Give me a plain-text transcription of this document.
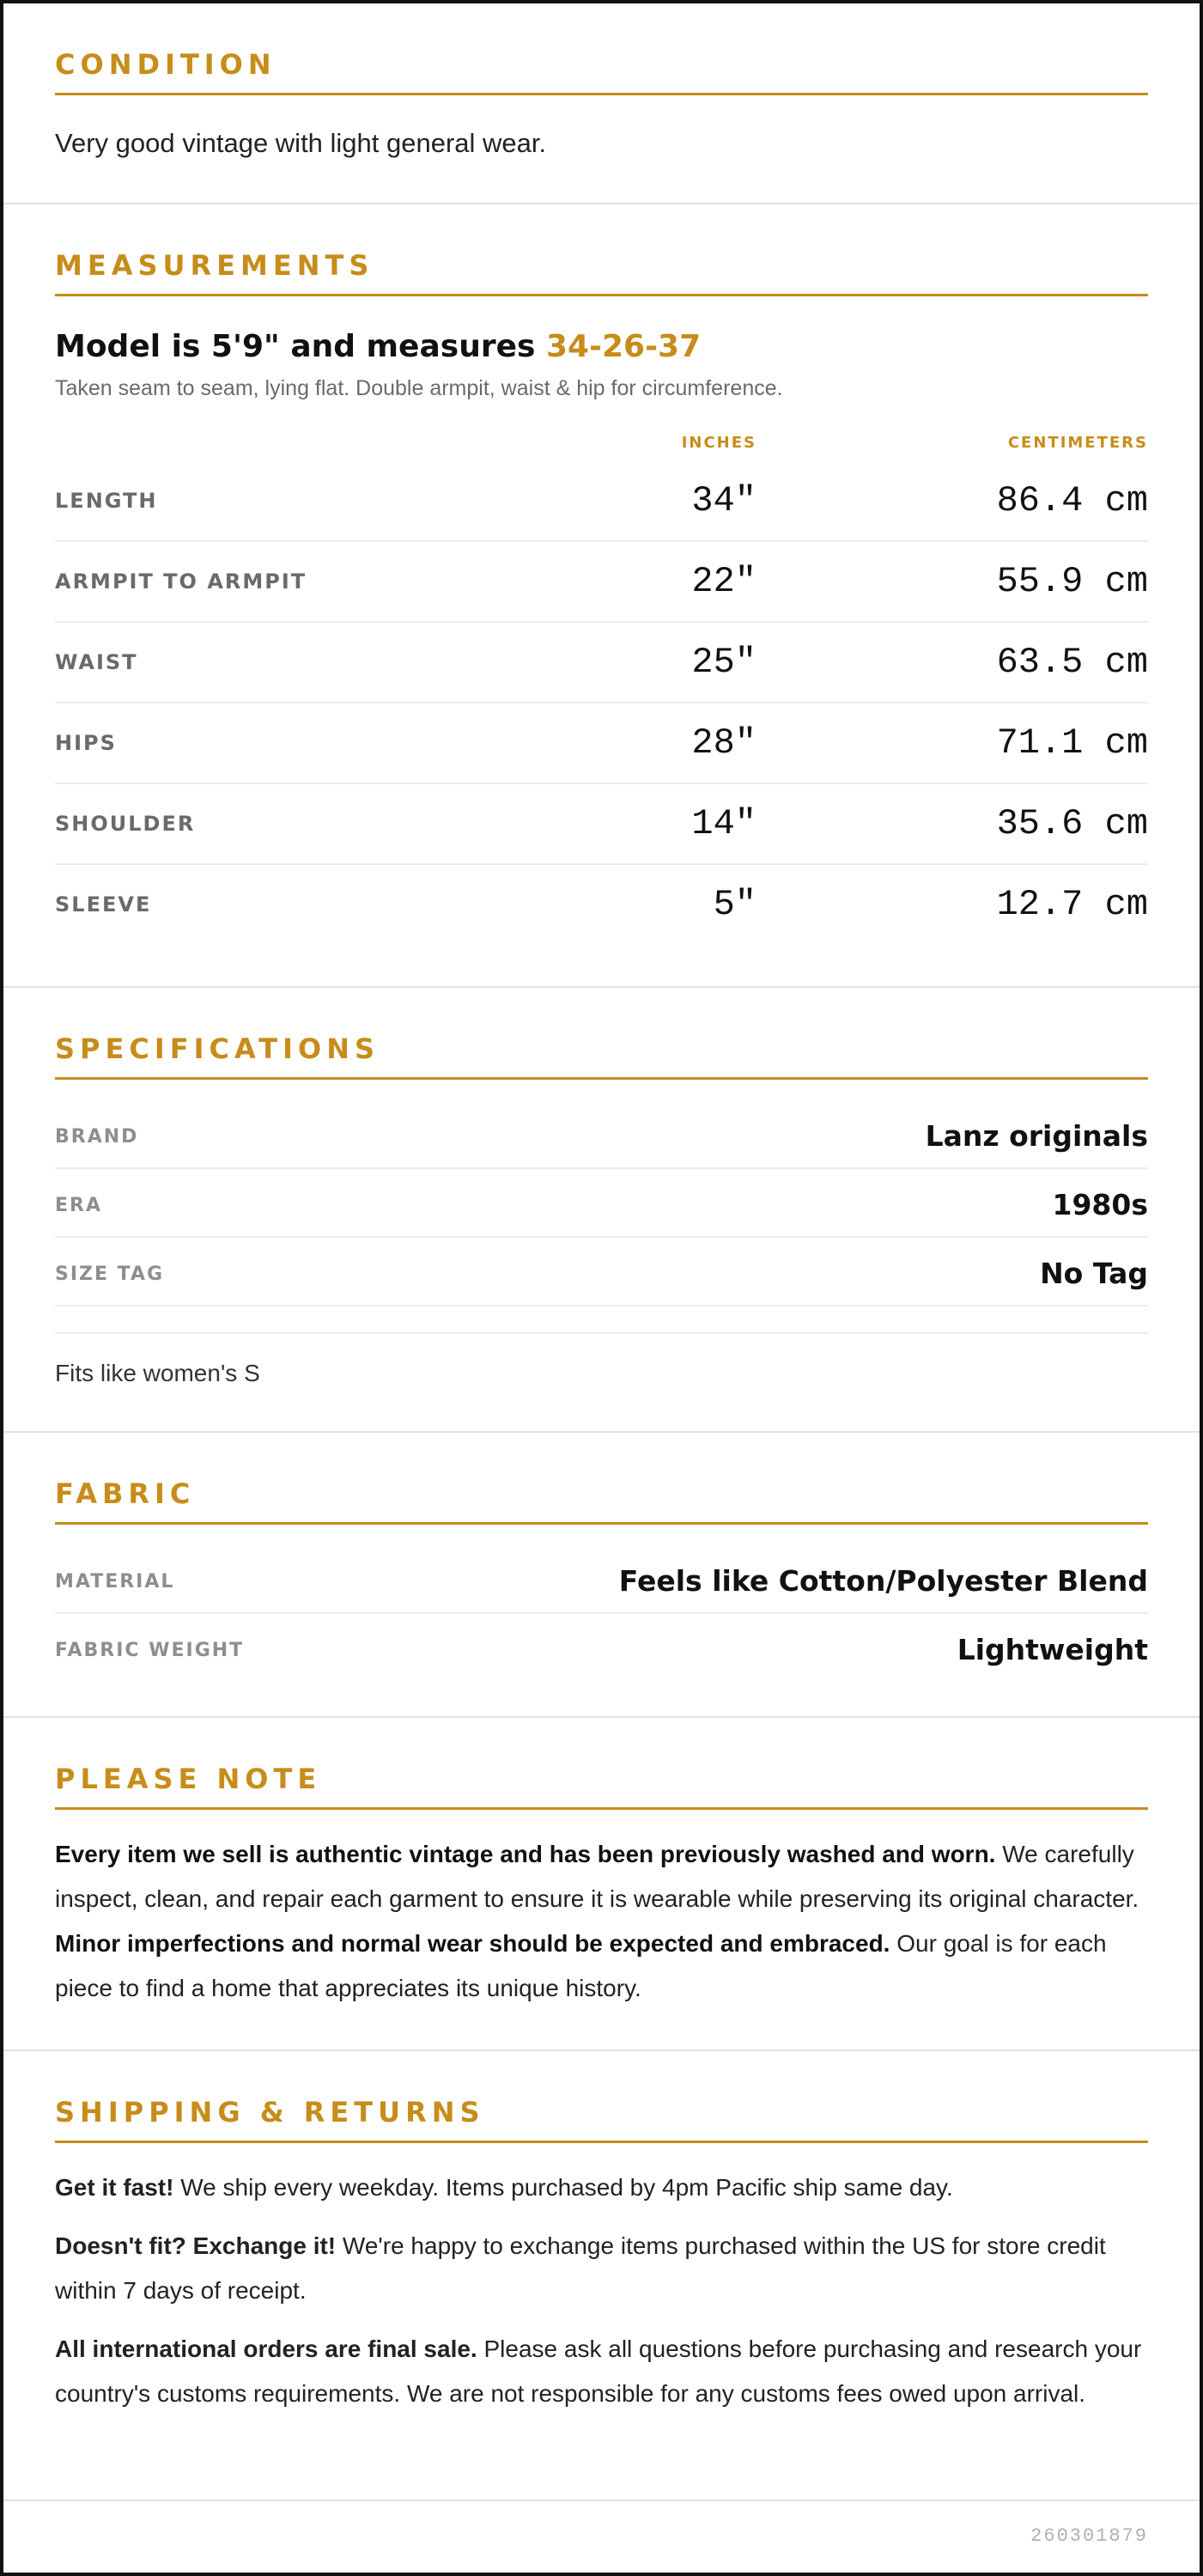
CONDITION
Very good vintage with light general wear.
MEASUREMENTS
Model is 5'9" and measures 34-26-37
Taken seam to seam, lying flat. Double armpit, waist & hip for circumference.
INCHES	CENTIMETERS
LENGTH	34"	86.4 cm
ARMPIT TO ARMPIT	22"	55.9 cm
WAIST	25"	63.5 cm
HIPS	28"	71.1 cm
SHOULDER	14"	35.6 cm
SLEEVE	5"	12.7 cm
SPECIFICATIONS
BRAND	Lanz originals
ERA	1980s
SIZE TAG	No Tag
Fits like women's S
FABRIC
MATERIAL	Feels like Cotton/Polyester Blend
FABRIC WEIGHT	Lightweight
PLEASE NOTE
Every item we sell is authentic vintage and has been previously washed and worn. We carefully inspect, clean, and repair each garment to ensure it is wearable while preserving its original character. Minor imperfections and normal wear should be expected and embraced. Our goal is for each piece to find a home that appreciates its unique history.
SHIPPING & RETURNS

Get it fast! We ship every weekday. Items purchased by 4pm Pacific ship same day.

Doesn't fit? Exchange it! We're happy to exchange items purchased within the US for store credit within 7 days of receipt.

All international orders are final sale. Please ask all questions before purchasing and research your country's customs requirements. We are not responsible for any customs fees owed upon arrival.

260301879
